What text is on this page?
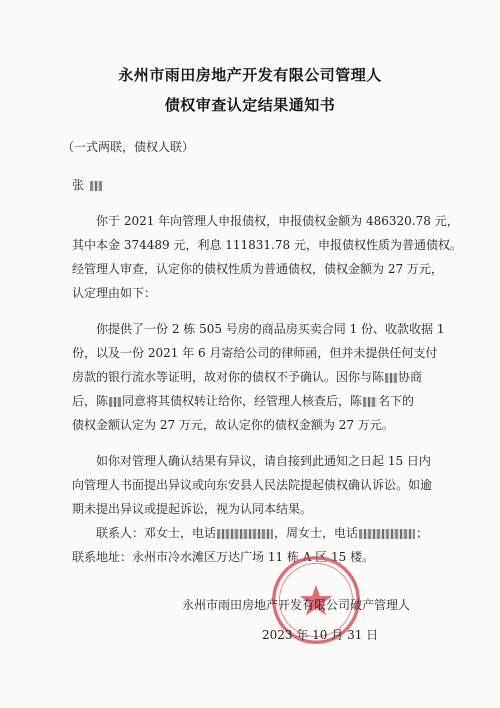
永州市雨田房地产开发有限公司管理人
债权审查认定结果通知书
（一式两联，债权人联）
张
你于 2021 年向管理人申报债权，申报债权金额为 486320.78 元，
其中本金 374489 元，利息 111831.78 元，申报债权性质为普通债权。
经管理人审查，认定你的债权性质为普通债权，债权金额为 27 万元，
认定理由如下：
你提供了一份 2 栋 505 号房的商品房买卖合同 1 份、收款收据 1
份，以及一份 2021 年 6 月寄给公司的律师函，但并未提供任何支付
房款的银行流水等证明，故对你的债权不予确认。因你与陈 协商
后，陈 同意将其债权转让给你，经管理人核查后，陈 名下的
债权金额认定为 27 万元，故认定你的债权金额为 27 万元。
如你对管理人确认结果有异议，请自接到此通知之日起 15 日内
向管理人书面提出异议或向东安县人民法院提起债权确认诉讼。如逾
期未提出异议或提起诉讼，视为认同本结果。
联系人：邓女士，电话	，周女士，电话	；
联系地址：永州市冷水滩区万达广场 11 栋 A 区 15 楼。
永州市雨田房地产开发有限公司破产管理人
2023 年 10 月 31 日
